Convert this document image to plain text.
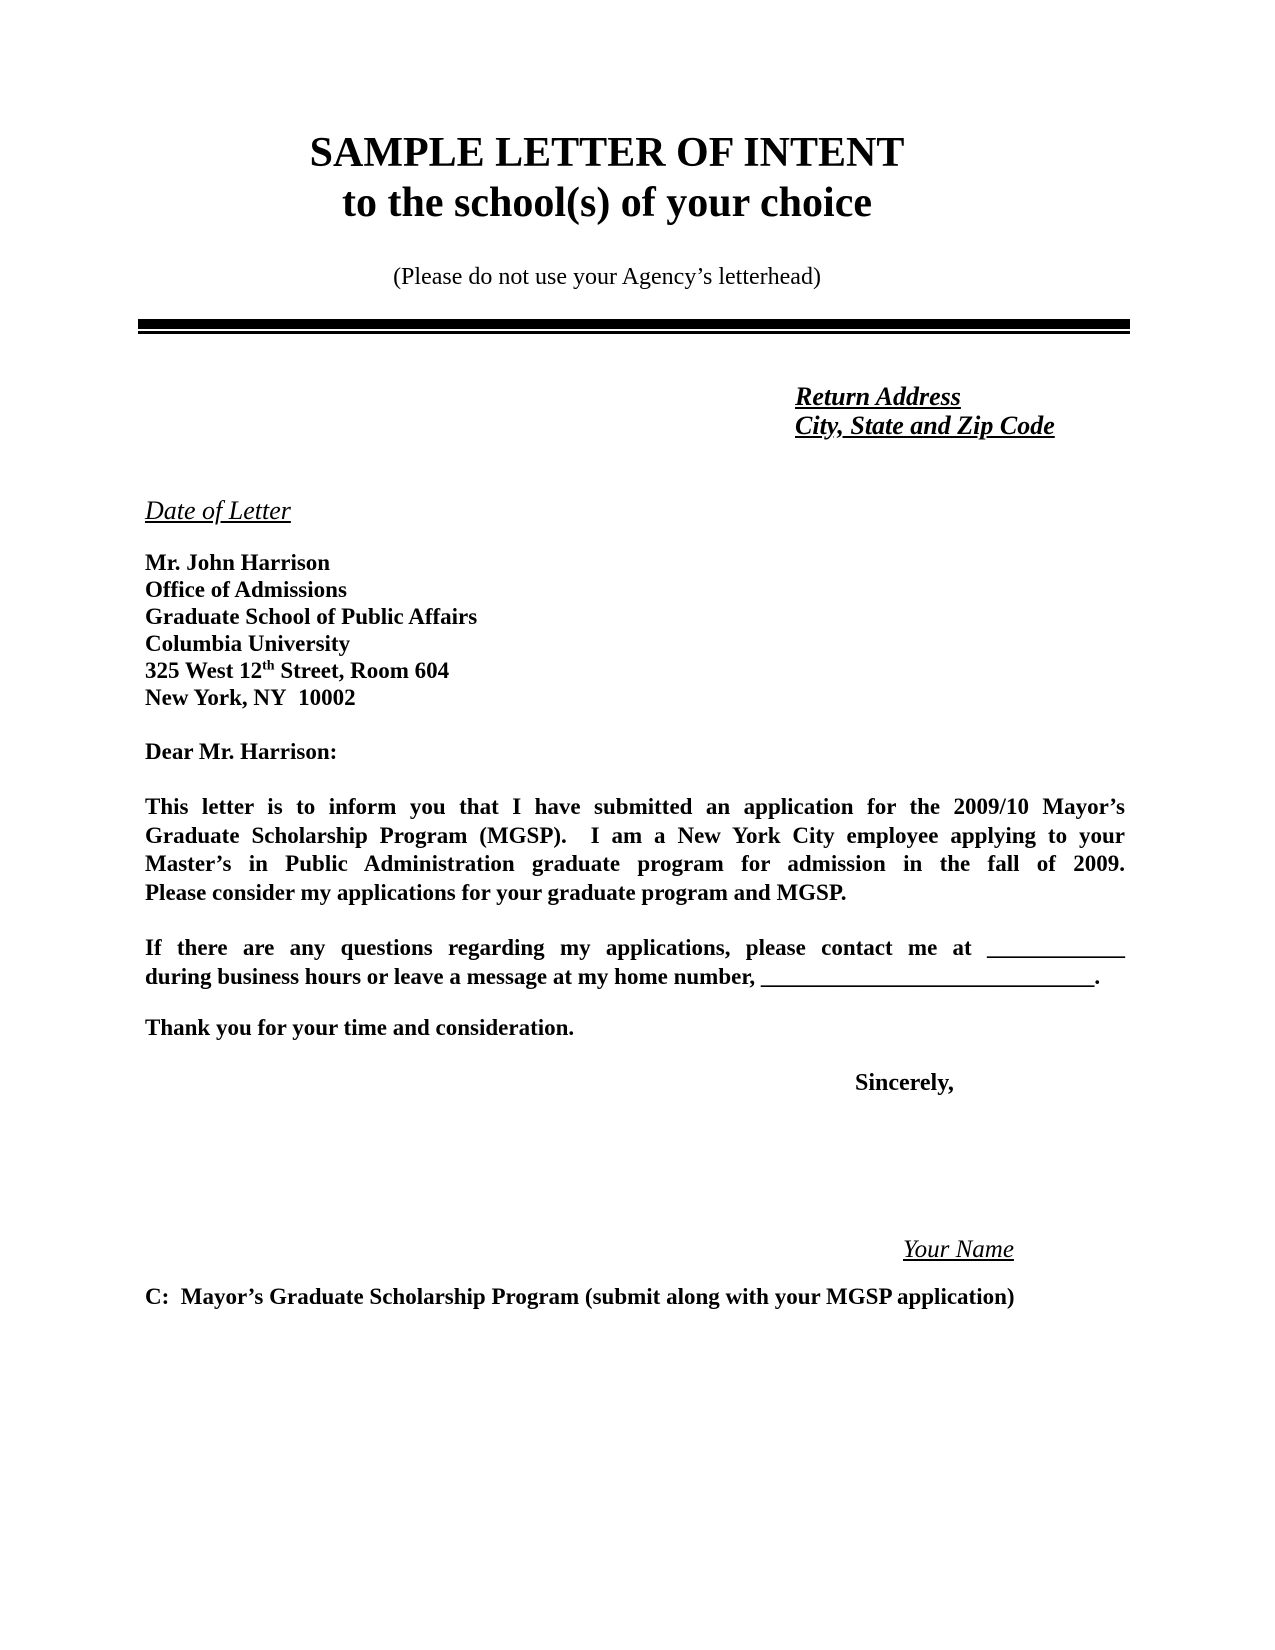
SAMPLE LETTER OF INTENT
to the school(s) of your choice
(Please do not use your Agency’s letterhead)
Return Address
City, State and Zip Code
Date of Letter
Mr. John Harrison
Office of Admissions
Graduate School of Public Affairs
Columbia University
325 West 12th Street, Room 604
New York, NY  10002
Dear Mr. Harrison:
This letter is to inform you that I have submitted an application for the 2009/10 Mayor’s
Graduate Scholarship Program (MGSP).  I am a New York City employee applying to your
Master’s in Public Administration graduate program for admission in the fall of 2009.
Please consider my applications for your graduate program and MGSP.
If there are any questions regarding my applications, please contact me at ____________
during business hours or leave a message at my home number, _____________________________.
Thank you for your time and consideration.
Sincerely,
Your Name
C:  Mayor’s Graduate Scholarship Program (submit along with your MGSP application)
